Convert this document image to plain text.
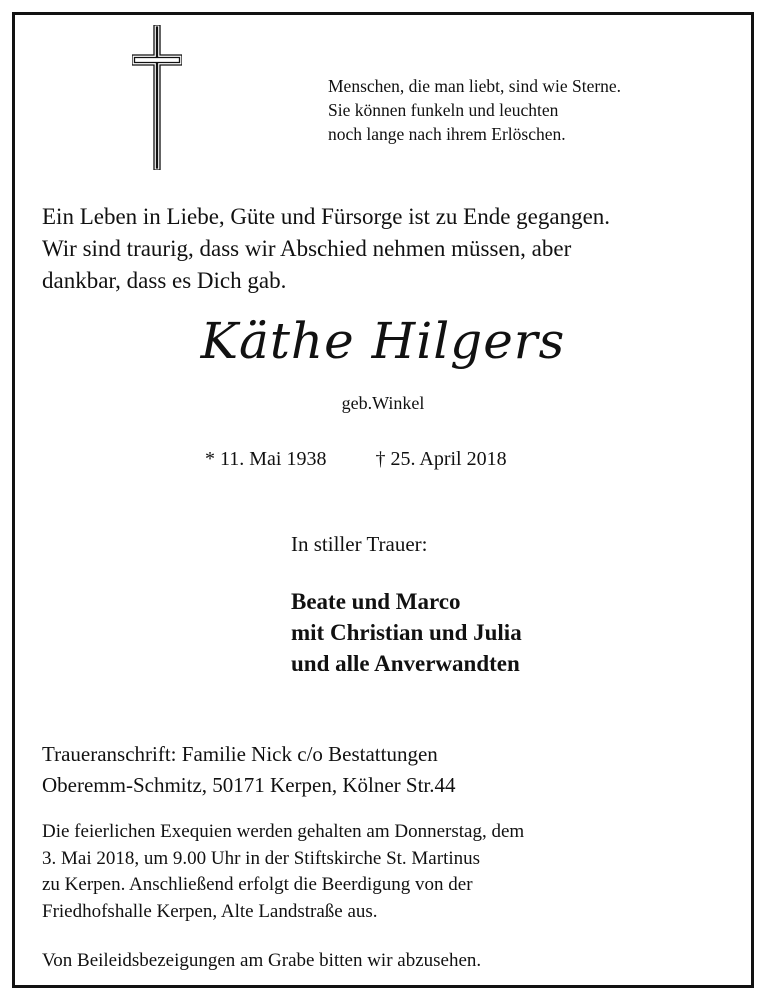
Menschen, die man liebt, sind wie Sterne.
Sie können funkeln und leuchten
noch lange nach ihrem Erlöschen.
Ein Leben in Liebe, Güte und Fürsorge ist zu Ende gegangen.
Wir sind traurig, dass wir Abschied nehmen müssen, aber
dankbar, dass es Dich gab.
Käthe Hilgers
geb.Winkel
* 11. Mai 1938 † 25. April 2018
In stiller Trauer:
Beate und Marco
mit Christian und Julia
und alle Anverwandten
Traueranschrift: Familie Nick c/o Bestattungen
Oberemm-Schmitz, 50171 Kerpen, Kölner Str.44
Die feierlichen Exequien werden gehalten am Donnerstag, dem
3. Mai 2018, um 9.00 Uhr in der Stiftskirche St. Martinus
zu Kerpen. Anschließend erfolgt die Beerdigung von der
Friedhofshalle Kerpen, Alte Landstraße aus.
Von Beileidsbezeigungen am Grabe bitten wir abzusehen.
